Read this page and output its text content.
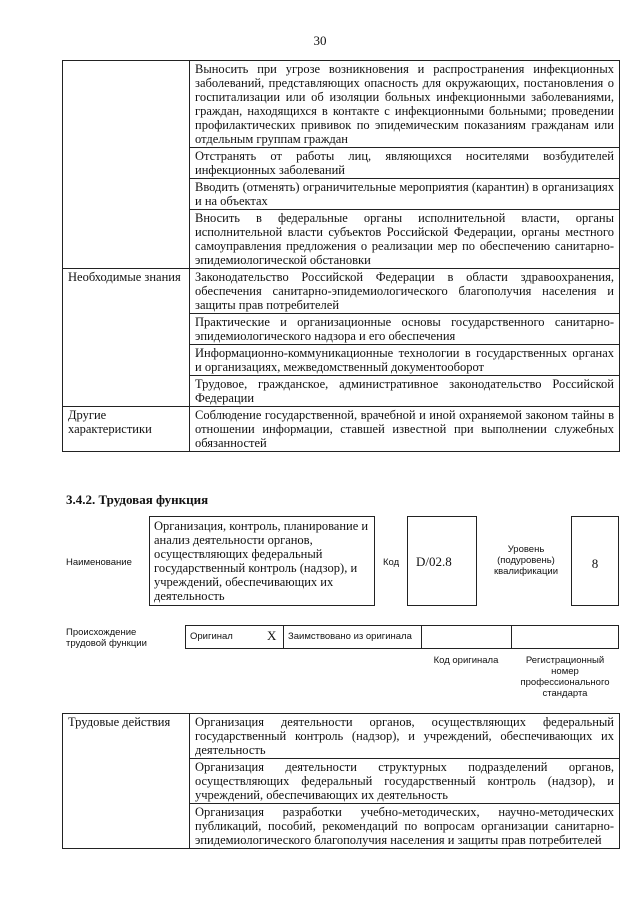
30
	Выносить при угрозе возникновения и распространения инфекционных заболеваний, представляющих опасность для окружающих, постановления о госпитализации или об изоляции больных инфекционными заболеваниями, граждан, находящихся в контакте с инфекционными больными; проведении профилактических прививок по эпидемическим показаниям гражданам или отдельным группам граждан
	Отстранять от работы лиц, являющихся носителями возбудителей инфекционных заболеваний
	Вводить (отменять) ограничительные мероприятия (карантин) в организациях и на объектах
	Вносить в федеральные органы исполнительной власти, органы исполнительной власти субъектов Российской Федерации, органы местного самоуправления предложения о реализации мер по обеспечению санитарно-эпидемиологической обстановки
Необходимые знания	Законодательство Российской Федерации в области здравоохранения, обеспечения санитарно-эпидемиологического благополучия населения и защиты прав потребителей
	Практические и организационные основы государственного санитарно-эпидемиологического надзора и его обеспечения
	Информационно-коммуникационные технологии в государственных органах и организациях, межведомственный документооборот
	Трудовое, гражданское, административное законодательство Российской Федерации
Другие характеристики	Соблюдение государственной, врачебной и иной охраняемой законом тайны в отношении информации, ставшей известной при выполнении служебных обязанностей
3.4.2. Трудовая функция
Наименование
Организация, контроль, планирование и анализ деятельности органов, осуществляющих федеральный государственный контроль (надзор), и учреждений, обеспечивающих их деятельность
Код	D/02.8
Уровень (подуровень) квалификации
8
Происхождение трудовой функции
Оригинал	X	Заимствовано из оригинала
Код оригинала	Регистрационный номер профессионального стандарта
Трудовые действия	Организация деятельности органов, осуществляющих федеральный государственный контроль (надзор), и учреждений, обеспечивающих их деятельность
	Организация деятельности структурных подразделений органов, осуществляющих федеральный государственный контроль (надзор), и учреждений, обеспечивающих их деятельность
	Организация разработки учебно-методических, научно-методических публикаций, пособий, рекомендаций по вопросам организации санитарно-эпидемиологического благополучия населения и защиты прав потребителей
